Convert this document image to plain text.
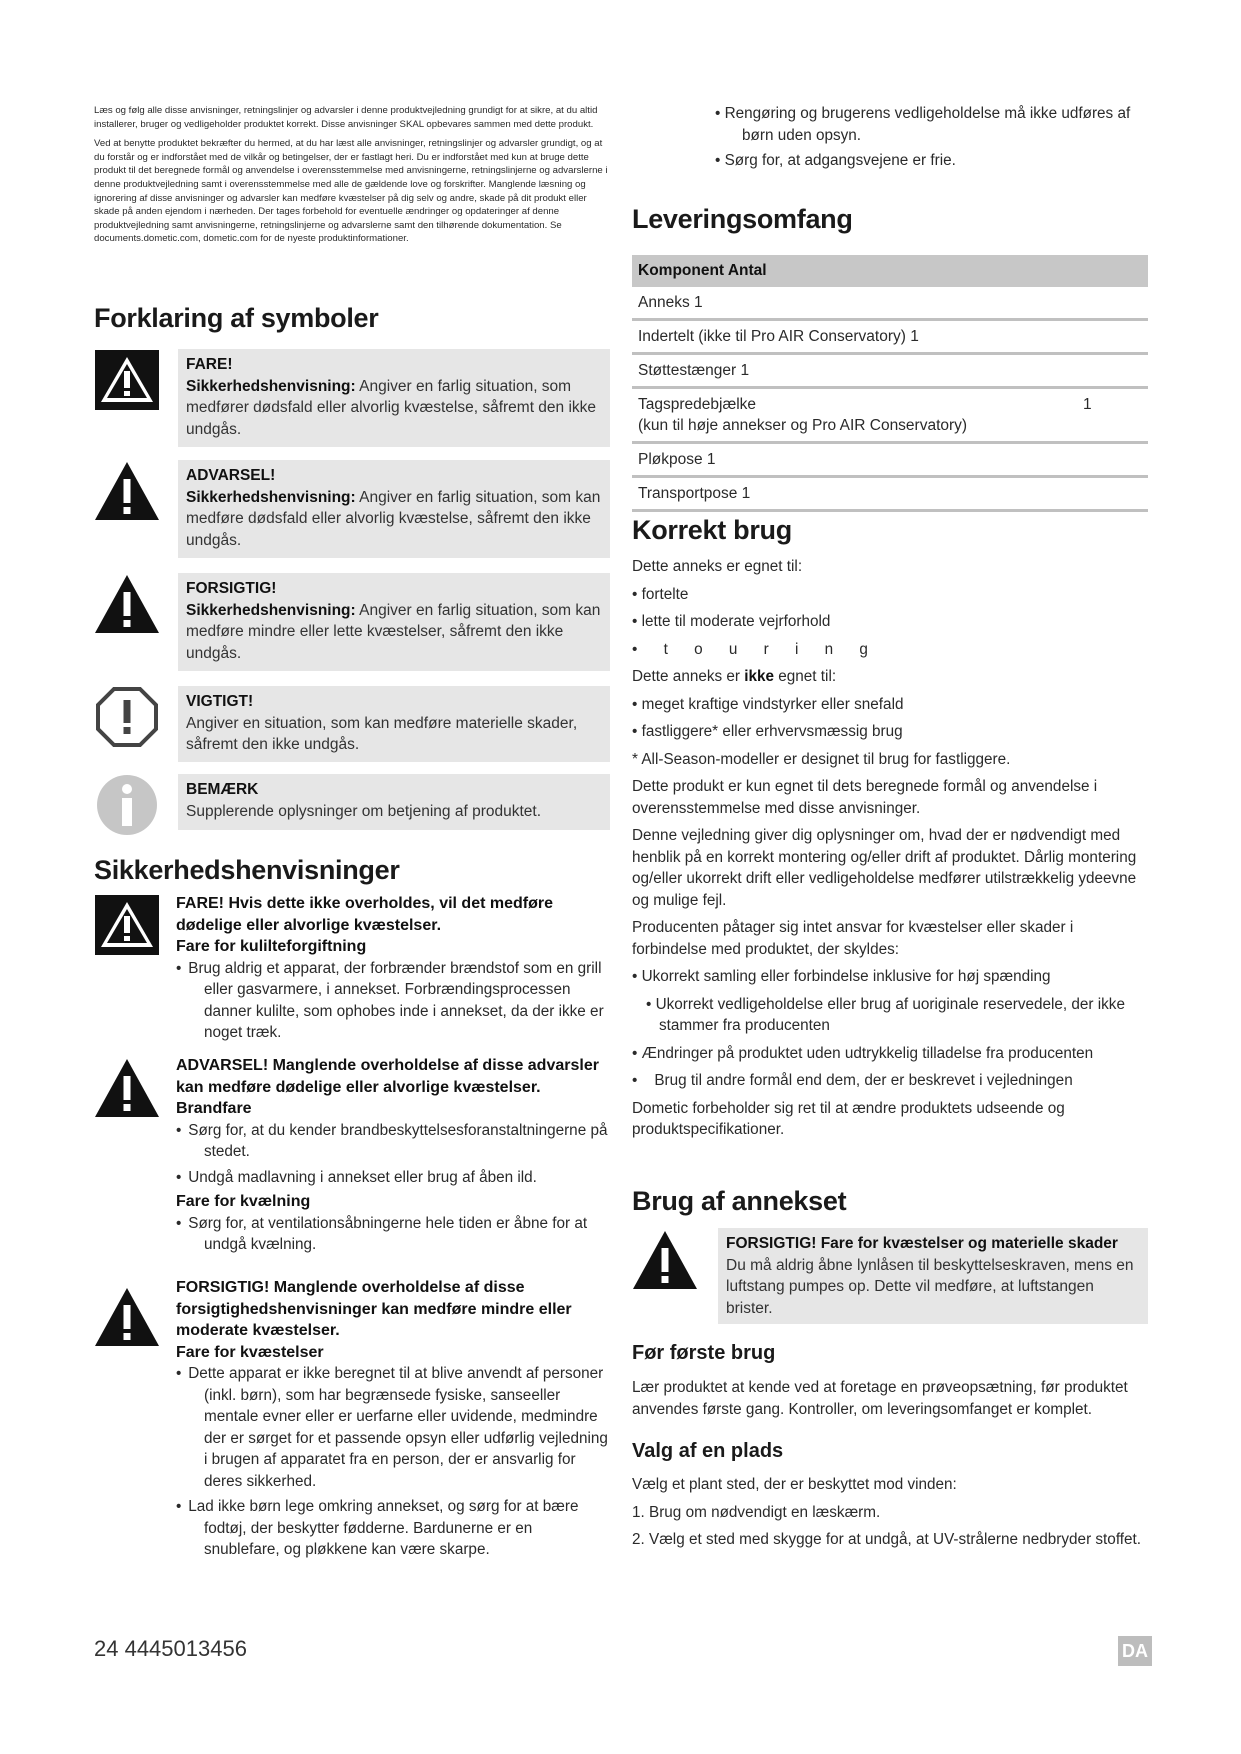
Læs og følg alle disse anvisninger, retningslinjer og advarsler i denne produktvejledning grundigt for at sikre, at du altid installerer, bruger og vedligeholder produktet korrekt. Disse anvisninger SKAL opbevares sammen med dette produkt.

Ved at benytte produktet bekræfter du hermed, at du har læst alle anvisninger, retningslinjer og advarsler grundigt, og at du forstår og er indforstået med de vilkår og betingelser, der er fastlagt heri. Du er indforstået med kun at bruge dette produkt til det beregnede formål og anvendelse i overensstemmelse med anvisningerne, retningslinjerne og advarslerne i denne produktvejledning samt i overensstemmelse med alle de gældende love og forskrifter. Manglende læsning og ignorering af disse anvisninger og advarsler kan medføre kvæstelser på dig selv og andre, skade på dit produkt eller skade på anden ejendom i nærheden. Der tages forbehold for eventuelle ændringer og opdateringer af denne produktvejledning samt anvisningerne, retningslinjerne og advarslerne samt den tilhørende dokumentation. Se documents.dometic.com, dometic.com for de nyeste produktinformationer.

Forklaring af symboler
FARE!
Sikkerhedshenvisning: Angiver en farlig situation, som medfører dødsfald eller alvorlig kvæstelse, såfremt den ikke undgås.
ADVARSEL!
Sikkerhedshenvisning: Angiver en farlig situation, som kan medføre dødsfald eller alvorlig kvæstelse, såfremt den ikke undgås.
FORSIGTIG!
Sikkerhedshenvisning: Angiver en farlig situation, som kan medføre mindre eller lette kvæstelser, såfremt den ikke undgås.
VIGTIGT!
Angiver en situation, som kan medføre materielle skader, såfremt den ikke undgås.
BEMÆRK
Supplerende oplysninger om betjening af produktet.
Sikkerhedshenvisninger
FARE! Hvis dette ikke overholdes, vil det medføre dødelige eller alvorlige kvæstelser.
Fare for kulilteforgiftning

• Brug aldrig et apparat, der forbrænder brændstof som en grill eller gasvarmere, i annekset. Forbrændingsprocessen danner kulilte, som ophobes inde i annekset, da der ikke er noget træk.

ADVARSEL! Manglende overholdelse af disse advarsler kan medføre dødelige eller alvorlige kvæstelser.
Brandfare

• Sørg for, at du kender brandbeskyttelsesforanstaltningerne på stedet.

• Undgå madlavning i annekset eller brug af åben ild.

Fare for kvælning

• Sørg for, at ventilationsåbningerne hele tiden er åbne for at undgå kvælning.

FORSIGTIG! Manglende overholdelse af disse forsigtighedshenvisninger kan medføre mindre eller moderate kvæstelser.
Fare for kvæstelser

• Dette apparat er ikke beregnet til at blive anvendt af personer (inkl. børn), som har begrænsede fysiske, sanseeller mentale evner eller er uerfarne eller uvidende, medmindre der er sørget for et passende opsyn eller udførlig vejledning i brugen af apparatet fra en person, der er ansvarlig for deres sikkerhed.

• Lad ikke børn lege omkring annekset, og sørg for at bære fodtøj, der beskytter fødderne. Bardunerne er en snublefare, og pløkkene kan være skarpe.

• Rengøring og brugerens vedligeholdelse må ikke udføres af børn uden opsyn.

• Sørg for, at adgangsvejene er frie.

Leveringsomfang
Komponent Antal
Anneks 1
Indertelt (ikke til Pro AIR Conservatory) 1
Støttestænger 1

Tagspredebjælke
(kun til høje annekser og Pro AIR Conservatory)
1

Pløkpose 1
Transportpose 1
Korrekt brug

Dette anneks er egnet til:

• fortelte

• lette til moderate vejrforhold

• t o u r i n g

Dette anneks er ikke egnet til:

• meget kraftige vindstyrker eller snefald

• fastliggere* eller erhvervsmæssig brug

* All-Season-modeller er designet til brug for fastliggere.

Dette produkt er kun egnet til dets beregnede formål og anvendelse i overensstemmelse med disse anvisninger.

Denne vejledning giver dig oplysninger om, hvad der er nødvendigt med henblik på en korrekt montering og/eller drift af produktet. Dårlig montering og/eller ukorrekt drift eller vedligeholdelse medfører utilstrækkelig ydeevne og mulige fejl.

Producenten påtager sig intet ansvar for kvæstelser eller skader i forbindelse med produktet, der skyldes:

• Ukorrekt samling eller forbindelse inklusive for høj spænding

• Ukorrekt vedligeholdelse eller brug af uoriginale reservedele, der ikke stammer fra producenten

• Ændringer på produktet uden udtrykkelig tilladelse fra producenten

•    Brug til andre formål end dem, der er beskrevet i vejledningen

Dometic forbeholder sig ret til at ændre produktets udseende og produktspecifikationer.

Brug af annekset
FORSIGTIG! Fare for kvæstelser og materielle skader
Du må aldrig åbne lynlåsen til beskyttelseskraven, mens en luftstang pumpes op. Dette vil medføre, at luftstangen brister.
Før første brug

Lær produktet at kende ved at foretage en prøveopsætning, før produktet anvendes første gang. Kontroller, om leveringsomfanget er komplet.

Valg af en plads

Vælg et plant sted, der er beskyttet mod vinden:

1. Brug om nødvendigt en læskærm.

2. Vælg et sted med skygge for at undgå, at UV-strålerne nedbryder stoffet.

24 4445013456	DA
